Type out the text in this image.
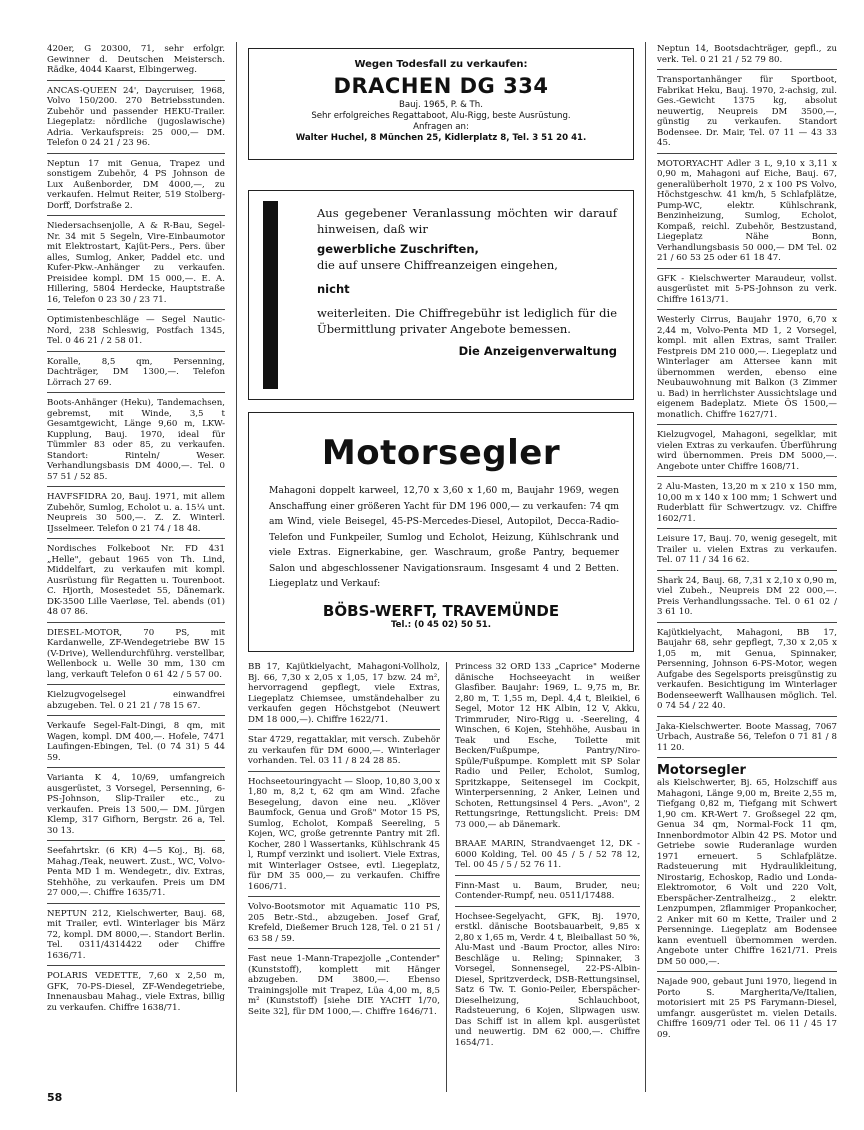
420er, G 20300, 71, sehr erfolgr. Gewinner d. Deutschen Meistersch. Rädke, 4044 Kaarst, Elbingerweg.
ANCAS-QUEEN 24', Daycruiser, 1968, Volvo 150/200. 270 Betriebsstunden. Zubehör und passender HEKU-Trailer. Liegeplatz: nördliche (jugoslawische) Adria. Verkaufspreis: 25 000,— DM. Telefon 0 24 21 / 23 96.
Neptun 17 mit Genua, Trapez und sonstigem Zubehör, 4 PS Johnson de Lux Außenborder, DM 4000,—, zu verkaufen. Helmut Reiter, 519 Stolberg-Dorff, Dorfstraße 2.
Niedersachsenjolle, A & R-Bau, Segel-Nr. 34 mit 5 Segeln, Vire-Einbaumotor mit Elektrostart, Kajüt-Pers., Pers. über alles, Sumlog, Anker, Paddel etc. und Kufer-Pkw.-Anhänger zu verkaufen. Preisidee kompl. DM 15 000,—. E. A. Hillering, 5804 Herdecke, Hauptstraße 16, Telefon 0 23 30 / 23 71.
Optimistenbeschläge — Segel Nautic-Nord, 238 Schleswig, Postfach 1345, Tel. 0 46 21 / 2 58 01.
Koralle, 8,5 qm, Persenning, Dachträger, DM 1300,—. Telefon Lörrach 27 69.
Boots-Anhänger (Heku), Tandemachsen, gebremst, mit Winde, 3,5 t Gesamtgewicht, Länge 9,60 m, LKW-Kupplung, Bauj. 1970, ideal für Tümmler 83 oder 85, zu verkaufen. Standort: Rinteln/ Weser. Verhandlungsbasis DM 4000,—. Tel. 0 57 51 / 52 85.
HAVFSFIDRA 20, Bauj. 1971, mit allem Zubehör, Sumlog, Echolot u. a. 15¼ unt. Neupreis 30 500,—. Z. Z. Winterl. IJsselmeer. Telefon 0 21 74 / 18 48.
Nordisches Folkeboot Nr. FD 431 „Helle", gebaut 1965 von Th. Lind, Middelfart, zu verkaufen mit kompl. Ausrüstung für Regatten u. Tourenboot. C. Hjorth, Mosestedet 55, Dänemark. DK-3500 Lille Vaerløse, Tel. abends (01) 48 07 86.
DIESEL-MOTOR, 70 PS, mit Kardanwelle, ZF-Wendegetriebe BW 15 (V-Drive), Wellendurchführg. verstellbar, Wellenbock u. Welle 30 mm, 130 cm lang, verkauft Telefon 0 61 42 / 5 57 00.
Kielzugvogelsegel einwandfrei abzugeben. Tel. 0 21 21 / 78 15 67.
Verkaufe Segel-Falt-Dingi, 8 qm, mit Wagen, kompl. DM 400,—. Hofele, 7471 Laufingen-Ebingen, Tel. (0 74 31) 5 44 59.
Varianta K 4, 10/69, umfangreich ausgerüstet, 3 Vorsegel, Persenning, 6-PS-Johnson, Slip-Trailer etc., zu verkaufen. Preis 13 500,— DM. Jürgen Klemp, 317 Gifhorn, Bergstr. 26 a, Tel. 30 13.
Seefahrtskr. (6 KR) 4—5 Koj., Bj. 68, Mahag./Teak, neuwert. Zust., WC, Volvo-Penta MD 1 m. Wendegetr., div. Extras, Stehhöhe, zu verkaufen. Preis um DM 27 000,—. Chiffre 1635/71.
NEPTUN 212, Kielschwerter, Bauj. 68, mit Trailer, evtl. Winterlager bis März 72, kompl. DM 8000,—. Standort Berlin. Tel. 0311/4314422 oder Chiffre 1636/71.
POLARIS VEDETTE, 7,60 x 2,50 m, GFK, 70-PS-Diesel, ZF-Wendegetriebe, Innenausbau Mahag., viele Extras, billig zu verkaufen. Chiffre 1638/71.
Wegen Todesfall zu verkaufen:
DRACHEN DG 334
Bauj. 1965, P. & Th.
Sehr erfolgreiches Regattaboot, Alu-Rigg, beste Ausrüstung.
Anfragen an:
Walter Huchel, 8 München 25, Kidlerplatz 8, Tel. 3 51 20 41.
Aus gegebener Veranlassung möchten wir darauf hinweisen, daß wir
gewerbliche Zuschriften,
die auf unsere Chiffreanzeigen eingehen,
nicht
weiterleiten. Die Chiffregebühr ist lediglich für die Übermittlung privater Angebote bemessen.
Die Anzeigenverwaltung
Motorsegler
Mahagoni doppelt karweel, 12,70 x 3,60 x 1,60 m, Baujahr 1969, wegen Anschaffung einer größeren Yacht für DM 196 000,— zu verkaufen: 74 qm am Wind, viele Beisegel, 45-PS-Mercedes-Diesel, Autopilot, Decca-Radio-Telefon und Funkpeiler, Sumlog und Echolot, Heizung, Kühlschrank und viele Extras. Eignerkabine, ger. Waschraum, große Pantry, bequemer Salon und abgeschlossener Navigationsraum. Insgesamt 4 und 2 Betten. Liegeplatz und Verkauf:
BÖBS-WERFT, TRAVEMÜNDE
Tel.: (0 45 02) 50 51.
BB 17, Kajütkielyacht, Mahagoni-Vollholz, Bj. 66, 7,30 x 2,05 x 1,05, 17 bzw. 24 m², hervorragend gepflegt, viele Extras, Liegeplatz Chiemsee, umständehalber zu verkaufen gegen Höchstgebot (Neuwert DM 18 000,—). Chiffre 1622/71.
Star 4729, regattaklar, mit versch. Zubehör zu verkaufen für DM 6000,—. Winterlager vorhanden. Tel. 03 11 / 8 24 28 85.
Hochseetouringyacht — Sloop, 10,80 3,00 x 1,80 m, 8,2 t, 62 qm am Wind. 2fache Besegelung, davon eine neu. „Klöver Baumfock, Genua und Groß" Motor 15 PS, Sumlog, Echolot, Kompaß Seereling, 5 Kojen, WC, große getrennte Pantry mit 2fl. Kocher, 280 l Wassertanks, Kühlschrank 45 l, Rumpf verzinkt und isoliert. Viele Extras, mit Winterlager Ostsee, evtl. Liegeplatz, für DM 35 000,— zu verkaufen. Chiffre 1606/71.
Volvo-Bootsmotor mit Aquamatic 110 PS, 205 Betr.-Std., abzugeben. Josef Graf, Krefeld, Dießemer Bruch 128, Tel. 0 21 51 / 63 58 / 59.
Fast neue 1-Mann-Trapezjolle „Contender" (Kunststoff), komplett mit Hänger abzugeben. DM 3800,—. Ebenso Trainingsjolle mit Trapez, Lüa 4,00 m, 8,5 m² (Kunststoff) [siehe DIE YACHT 1/70, Seite 32], für DM 1000,—. Chiffre 1646/71.
Princess 32 ORD 133 „Caprice" Moderne dänische Hochseeyacht in weißer Glasfiber. Baujahr: 1969, L. 9,75 m, Br. 2,80 m, T. 1,55 m, Depl. 4,4 t, Bleikiel, 6 Segel, Motor 12 HK Albin, 12 V, Akku, Trimmruder, Niro-Rigg u. -Seereling, 4 Winschen, 6 Kojen, Stehhöhe, Ausbau in Teak und Esche, Toilette mit Becken/Fußpumpe, Pantry/Niro-Spüle/Fußpumpe. Komplett mit SP Solar Radio und Peiler, Echolot, Sumlog, Spritzkappe, Seitensegel im Cockpit, Winterpersenning, 2 Anker, Leinen und Schoten, Rettungsinsel 4 Pers. „Avon", 2 Rettungsringe, Rettungslicht. Preis: DM 73 000,— ab Dänemark.
BRAAE MARIN, Strandvaenget 12, DK - 6000 Kolding, Tel. 00 45 / 5 / 52 78 12, Tel. 00 45 / 5 / 52 76 11.
Finn-Mast u. Baum, Bruder, neu; Contender-Rumpf, neu. 0511/17488.
Hochsee-Segelyacht, GFK, Bj. 1970, erstkl. dänische Bootsbauarbeit, 9,85 x 2,80 x 1,65 m, Verdr. 4 t, Bleiballast 50 %, Alu-Mast und -Baum Proctor, alles Niro: Beschläge u. Reling; Spinnaker, 3 Vorsegel, Sonnensegel, 22-PS-Albin-Diesel, Spritzverdeck, DSB-Rettungsinsel, Satz 6 Tw. T. Gonio-Peiler, Eberspächer-Dieselheizung, Schlauchboot, Radsteuerung, 6 Kojen, Slipwagen usw. Das Schiff ist in allem kpl. ausgerüstet und neuwertig. DM 62 000,—. Chiffre 1654/71.
Neptun 14, Bootsdachträger, gepfl., zu verk. Tel. 0 21 21 / 52 79 80.
Transportanhänger für Sportboot, Fabrikat Heku, Bauj. 1970, 2-achsig, zul. Ges.-Gewicht 1375 kg, absolut neuwertig, Neupreis DM 3500,—, günstig zu verkaufen. Standort Bodensee. Dr. Mair, Tel. 07 11 — 43 33 45.
MOTORYACHT Adler 3 L, 9,10 x 3,11 x 0,90 m, Mahagoni auf Eiche, Bauj. 67, generalüberholt 1970, 2 x 100 PS Volvo, Höchstgeschw. 41 km/h, 5 Schlafplätze, Pump-WC, elektr. Kühlschrank, Benzinheizung, Sumlog, Echolot, Kompaß, reichl. Zubehör, Bestzustand, Liegeplatz Nähe Bonn, Verhandlungsbasis 50 000,— DM Tel. 02 21 / 60 53 25 oder 61 18 47.
GFK - Kielschwerter Maraudeur, vollst. ausgerüstet mit 5-PS-Johnson zu verk. Chiffre 1613/71.
Westerly Cirrus, Baujahr 1970, 6,70 x 2,44 m, Volvo-Penta MD 1, 2 Vorsegel, kompl. mit allen Extras, samt Trailer. Festpreis DM 210 000,—. Liegeplatz und Winterlager am Attersee kann mit übernommen werden, ebenso eine Neubauwohnung mit Balkon (3 Zimmer u. Bad) in herrlichster Aussichtslage und eigenem Badeplatz. Miete ÖS 1500,— monatlich. Chiffre 1627/71.
Kielzugvogel, Mahagoni, segelklar, mit vielen Extras zu verkaufen. Überführung wird übernommen. Preis DM 5000,—. Angebote unter Chiffre 1608/71.
2 Alu-Masten, 13,20 m x 210 x 150 mm, 10,00 m x 140 x 100 mm; 1 Schwert und Ruderblatt für Schwertzugv. vz. Chiffre 1602/71.
Leisure 17, Bauj. 70, wenig gesegelt, mit Trailer u. vielen Extras zu verkaufen. Tel. 07 11 / 34 16 62.
Shark 24, Bauj. 68, 7,31 x 2,10 x 0,90 m, viel Zubeh., Neupreis DM 22 000,—. Preis Verhandlungssache. Tel. 0 61 02 / 3 61 10.
Kajütkielyacht, Mahagoni, BB 17, Baujahr 68, sehr gepflegt, 7,30 x 2,05 x 1,05 m, mit Genua, Spinnaker, Persenning, Johnson 6-PS-Motor, wegen Aufgabe des Segelsports preisgünstig zu verkaufen. Besichtigung im Winterlager Bodenseewerft Wallhausen möglich. Tel. 0 74 54 / 22 40.
Jaka-Kielschwerter. Boote Massag, 7067 Urbach, Austraße 56, Telefon 0 71 81 / 8 11 20.
Motorsegler
als Kielschwerter, Bj. 65, Holzschiff aus Mahagoni, Länge 9,00 m, Breite 2,55 m, Tiefgang 0,82 m, Tiefgang mit Schwert 1,90 cm. KR-Wert 7. Großsegel 22 qm, Genua 34 qm, Normal-Fock 11 qm, Innenbordmotor Albin 42 PS. Motor und Getriebe sowie Ruderanlage wurden 1971 erneuert. 5 Schlafplätze. Radsteuerung mit Hydraulikleitung, Nirostarig, Echoskop, Radio und Londa-Elektromotor, 6 Volt und 220 Volt, Eberspächer-Zentralheizg., 2 elektr. Lenzpumpen, 2flammiger Propankocher, 2 Anker mit 60 m Kette, Trailer und 2 Persenninge. Liegeplatz am Bodensee kann eventuell übernommen werden. Angebote unter Chiffre 1621/71. Preis DM 50 000,—.
Najade 900, gebaut Juni 1970, liegend in Porto S. Margherita/Ve/Italien, motorisiert mit 25 PS Farymann-Diesel, umfangr. ausgerüstet m. vielen Details. Chiffre 1609/71 oder Tel. 06 11 / 45 17 09.
58
